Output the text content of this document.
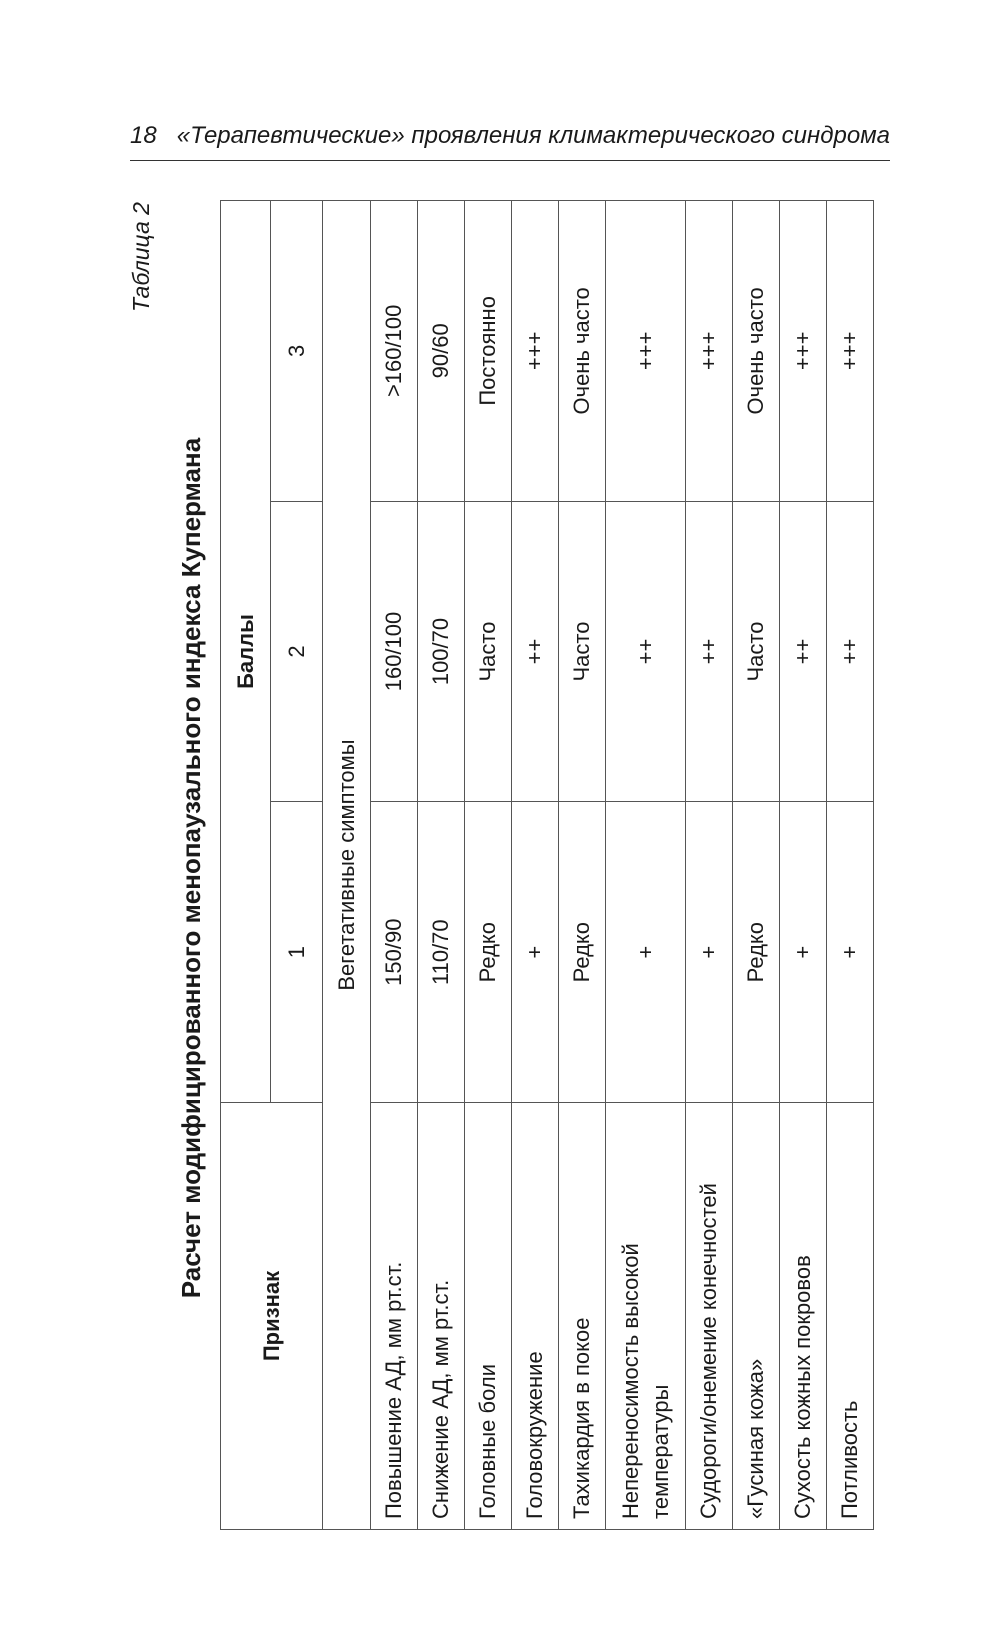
18 «Терапевтические» проявления климактерического синдрома
Таблица 2
Расчет модифицированного менопаузального индекса Купермана
Признак	Баллы		
	1	2	3
Вегетативные симптомы			
Повышение АД, мм рт.ст.	150/90	160/100	>160/100
Снижение АД, мм рт.ст.	110/70	100/70	90/60
Головные боли	Редко	Часто	Постоянно
Головокружение	+	++	+++
Тахикардия в покое	Редко	Часто	Очень часто
Непереносимость высокой температуры	+	++	+++
Судороги/онемение конечностей	+	++	+++
«Гусиная кожа»	Редко	Часто	Очень часто
Сухость кожных покровов	+	++	+++
Потливость	+	++	+++
